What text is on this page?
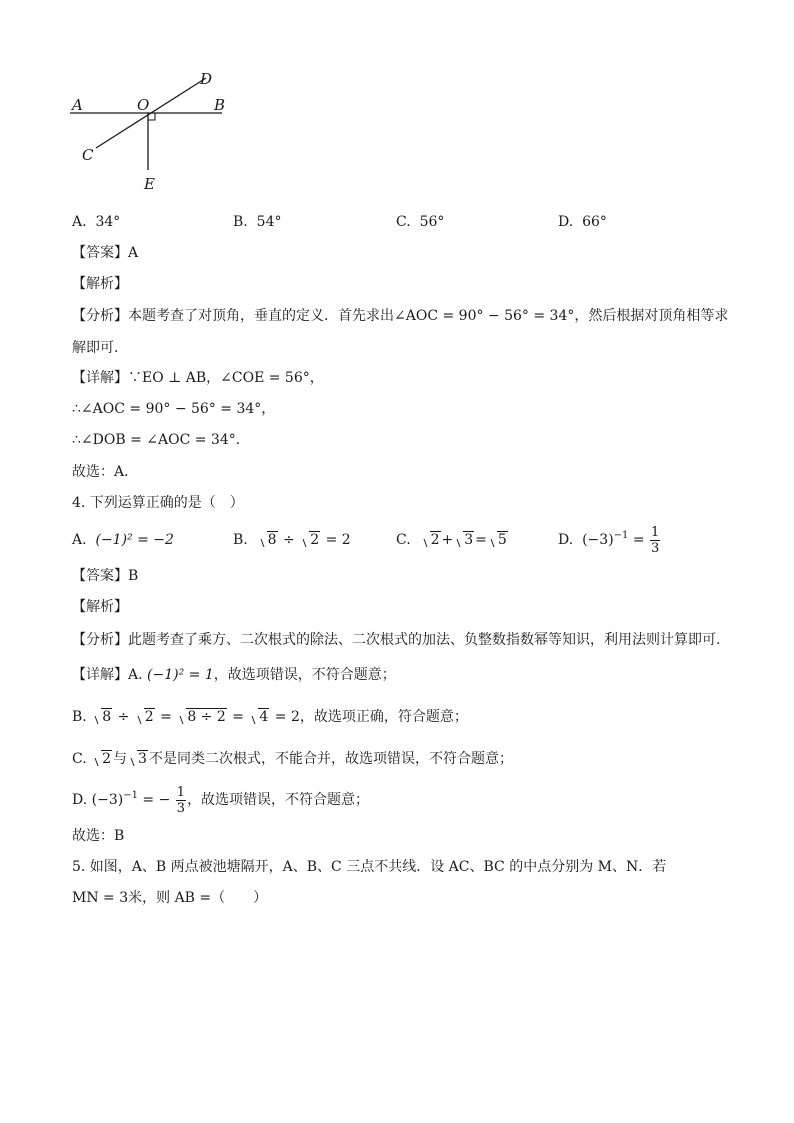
A	O	B
D
C
E
A. 34°	B. 54°	C. 56°	D. 66°
【答案】A
【解析】
【分析】本题考查了对顶角，垂直的定义．首先求出∠AOC = 90° − 56° = 34°，然后根据对顶角相等求
解即可．
【详解】∵EO ⊥ AB，∠COE = 56°，
∴∠AOC = 90° − 56° = 34°，
∴∠DOB = ∠AOC = 34°．
故选：A．
4. 下列运算正确的是（　）
A. (−1)² = −2	B. 8 ÷ 2 = 2	C. 2 + 3 = 5	D. $(-3)^{-1} = \frac{1}{3}$
【答案】B
【解析】
【分析】此题考查了乘方、二次根式的除法、二次根式的加法、负整数指数幂等知识，利用法则计算即可.
【详解】A. (−1)² = 1，故选项错误，不符合题意；
B. 8 ÷ 2 = 8 ÷ 2 = 4 = 2，故选项正确，符合题意；
C. 2 与 3 不是同类二次根式，不能合并，故选项错误，不符合题意；
D. $(-3)^{-1}$ = − $\frac{1}{3}$ ，故选项错误，不符合题意；
故选：B
5. 如图，A、B 两点被池塘隔开，A、B、C 三点不共线．设 AC、BC 的中点分别为 M、N．若
MN = 3米，则 AB =（　　）
